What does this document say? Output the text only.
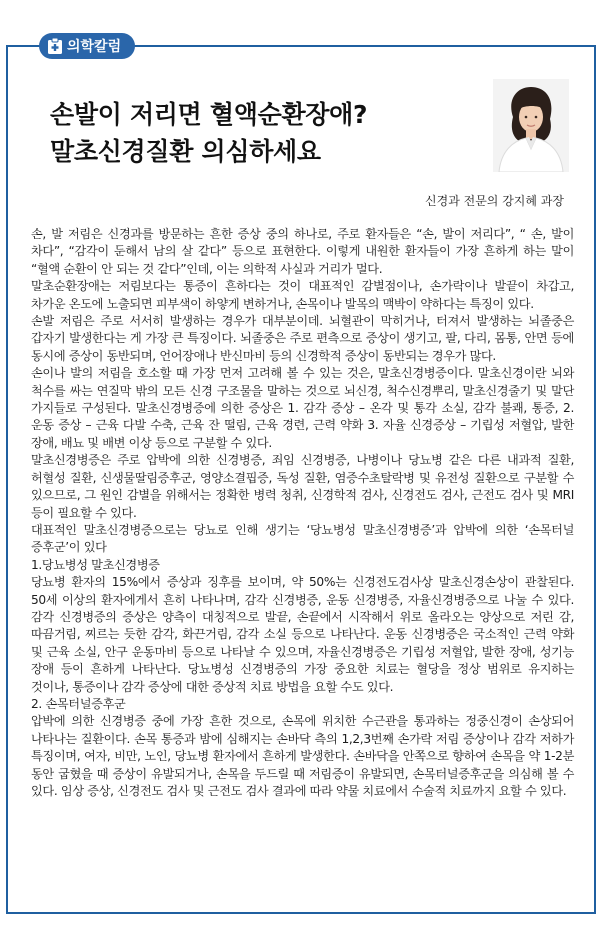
의학칼럼
손발이 저리면 혈액순환장애?
말초신경질환 의심하세요
신경과 전문의 강지혜 과장

손, 발 저림은 신경과를 방문하는 흔한 증상 중의 하나로, 주로 환자들은 “손, 발이 저리다”, “ 손, 발이 차다”, “감각이 둔해서 남의 살 같다” 등으로 표현한다. 이렇게 내원한 환자들이 가장 흔하게 하는 말이 “혈액 순환이 안 되는 것 같다”인데, 이는 의학적 사실과 거리가 멀다.

말초순환장애는 저림보다는 통증이 흔하다는 것이 대표적인 감별점이나, 손가락이나 발끝이 차갑고, 차가운 온도에 노출되면 피부색이 하얗게 변하거나, 손목이나 발목의 맥박이 약하다는 특징이 있다.

손발 저림은 주로 서서히 발생하는 경우가 대부분이데. 뇌혈관이 막히거나, 터져서 발생하는 뇌졸중은 갑자기 발생한다는 게 가장 큰 특징이다. 뇌졸중은 주로 편측으로 증상이 생기고, 팔, 다리, 몸통, 안면 등에 동시에 증상이 동반되며, 언어장애나 반신마비 등의 신경학적 증상이 동반되는 경우가 많다.

손이나 발의 저림을 호소할 때 가장 먼저 고려해 볼 수 있는 것은, 말초신경병증이다. 말초신경이란 뇌와 척수를 싸는 연질막 밖의 모든 신경 구조물을 말하는 것으로 뇌신경, 척수신경뿌리, 말초신경줄기 및 말단 가지들로 구성된다. 말초신경병증에 의한 증상은 1. 감각 증상 – 온각 및 통각 소실, 감각 불쾌, 통증, 2. 운동 증상 – 근육 다발 수축, 근육 잔 떨림, 근육 경련, 근력 약화 3. 자율 신경증상 – 기립성 저혈압, 발한 장애, 배뇨 및 배변 이상 등으로 구분할 수 있다.

말초신경병증은 주로 압박에 의한 신경병증, 죄임 신경병증, 나병이나 당뇨병 같은 다른 내과적 질환, 허혈성 질환, 신생물딸림증후군, 영양소결핍증, 독성 질환, 염증수초탈락병 및 유전성 질환으로 구분할 수 있으므로, 그 원인 감별을 위해서는 정확한 병력 청취, 신경학적 검사, 신경전도 검사, 근전도 검사 및 MRI 등이 필요할 수 있다.

대표적인 말초신경병증으로는 당뇨로 인해 생기는 ‘당뇨병성 말초신경병증’과 압박에 의한 ‘손목터널 증후군’이 있다

1.당뇨병성 말초신경병증

당뇨병 환자의 15%에서 증상과 징후를 보이며, 약 50%는 신경전도검사상 말초신경손상이 관찰된다. 50세 이상의 환자에게서 흔히 나타나며, 감각 신경병증, 운동 신경병증, 자율신경병증으로 나눌 수 있다. 감각 신경병증의 증상은 양측이 대칭적으로 발끝, 손끝에서 시작해서 위로 올라오는 양상으로 저린 감, 따끔거림, 찌르는 듯한 감각, 화끈거림, 감각 소실 등으로 나타난다. 운동 신경병증은 국소적인 근력 약화 및 근육 소실, 안구 운동마비 등으로 나타날 수 있으며, 자율신경병증은 기립성 저혈압, 발한 장애, 성기능 장애 등이 흔하게 나타난다. 당뇨병성 신경병증의 가장 중요한 치료는 혈당을 정상 범위로 유지하는 것이나, 통증이나 감각 증상에 대한 증상적 치료 방법을 요할 수도 있다.

2. 손목터널증후군

압박에 의한 신경병증 중에 가장 흔한 것으로, 손목에 위치한 수근관을 통과하는 정중신경이 손상되어 나타나는 질환이다. 손목 통증과 밤에 심해지는 손바닥 측의 1,2,3번째 손가락 저림 증상이나 감각 저하가 특징이며, 여자, 비만, 노인, 당뇨병 환자에서 흔하게 발생한다. 손바닥을 안쪽으로 향하여 손목을 약 1-2분 동안 굽혔을 때 증상이 유발되거나, 손목을 두드릴 때 저림증이 유발되면, 손목터널증후군을 의심해 볼 수 있다. 임상 증상, 신경전도 검사 및 근전도 검사 결과에 따라 약물 치료에서 수술적 치료까지 요할 수 있다.
